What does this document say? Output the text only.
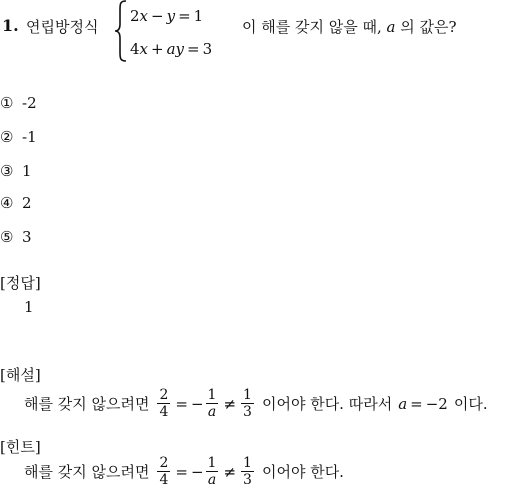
1. 연립방정식
2x − y = 1
4x + ay = 3
이 해를 갖지 않을 때, a 의 값은?
① -2
② -1
③ 1
④ 2
⑤ 3
[정답]
1
[해설]
해를 갖지 않으려면 $\frac{2}{4}$ = − $\frac{1}{a} \ne \frac{1}{3}$ 이어야 한다. 따라서 a = −2 이다.
[힌트]
해를 갖지 않으려면 $\frac{2}{4}$ = − $\frac{1}{a} \ne \frac{1}{3}$ 이어야 한다.
